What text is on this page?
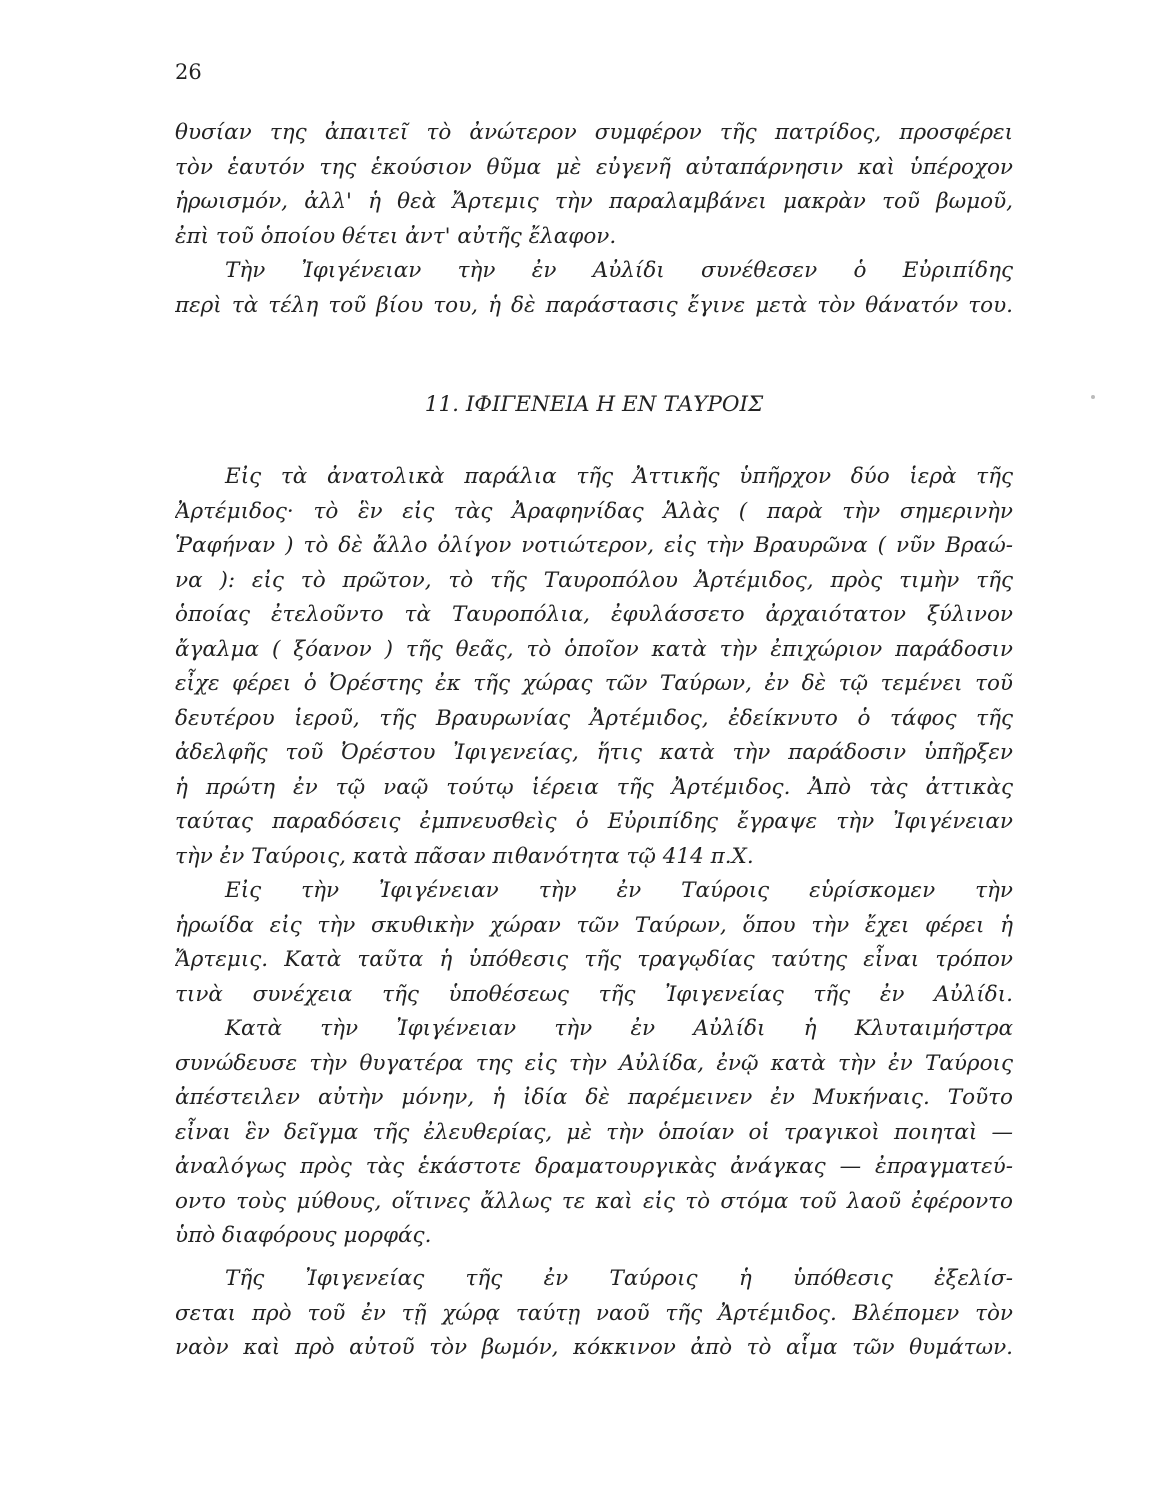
26
θυσίαν της ἀπαιτεῖ τὸ ἀνώτερον συμφέρον τῆς πατρίδος, προσφέρει
τὸν ἑαυτόν της ἑκούσιον θῦμα μὲ εὐγενῆ αὐταπάρνησιν καὶ ὑπέροχον
ἡρωισμόν, ἀλλ' ἡ θεὰ Ἄρτεμις τὴν παραλαμβάνει μακρὰν τοῦ βωμοῦ,
ἐπὶ τοῦ ὁποίου θέτει ἀντ' αὐτῆς ἔλαφον.
Τὴν Ἰφιγένειαν τὴν ἐν Αὐλίδι συνέθεσεν ὁ Εὐριπίδης
περὶ τὰ τέλη τοῦ βίου του, ἡ δὲ παράστασις ἔγινε μετὰ τὸν θάνατόν του.
11. ΙΦΙΓΕΝΕΙΑ Η ΕΝ ΤΑΥΡΟΙΣ
Εἰς τὰ ἀνατολικὰ παράλια τῆς Ἀττικῆς ὑπῆρχον δύο ἱερὰ τῆς
Ἀρτέμιδος· τὸ ἓν εἰς τὰς Ἀραφηνίδας Ἁλὰς ( παρὰ τὴν σημερινὴν
Ῥαφήναν ) τὸ δὲ ἄλλο ὀλίγον νοτιώτερον, εἰς τὴν Βραυρῶνα ( νῦν Βραώ-
να ): εἰς τὸ πρῶτον, τὸ τῆς Ταυροπόλου Ἀρτέμιδος, πρὸς τιμὴν τῆς
ὁποίας ἐτελοῦντο τὰ Ταυροπόλια, ἐφυλάσσετο ἀρχαιότατον ξύλινον
ἄγαλμα ( ξόανον ) τῆς θεᾶς, τὸ ὁποῖον κατὰ τὴν ἐπιχώριον παράδοσιν
εἶχε φέρει ὁ Ὀρέστης ἐκ τῆς χώρας τῶν Ταύρων, ἐν δὲ τῷ τεμένει τοῦ
δευτέρου ἱεροῦ, τῆς Βραυρωνίας Ἀρτέμιδος, ἐδείκνυτο ὁ τάφος τῆς
ἀδελφῆς τοῦ Ὀρέστου Ἰφιγενείας, ἥτις κατὰ τὴν παράδοσιν ὑπῆρξεν
ἡ πρώτη ἐν τῷ ναῷ τούτῳ ἱέρεια τῆς Ἀρτέμιδος. Ἀπὸ τὰς ἀττικὰς
ταύτας παραδόσεις ἐμπνευσθεὶς ὁ Εὐριπίδης ἔγραψε τὴν Ἰφιγένειαν
τὴν ἐν Ταύροις, κατὰ πᾶσαν πιθανότητα τῷ 414 π.Χ.
Εἰς τὴν Ἰφιγένειαν τὴν ἐν Ταύροις εὑρίσκομεν τὴν
ἡρωίδα εἰς τὴν σκυθικὴν χώραν τῶν Ταύρων, ὅπου τὴν ἔχει φέρει ἡ
Ἄρτεμις. Κατὰ ταῦτα ἡ ὑπόθεσις τῆς τραγῳδίας ταύτης εἶναι τρόπον
τινὰ συνέχεια τῆς ὑποθέσεως τῆς Ἰφιγενείας τῆς ἐν Αὐλίδι.
Κατὰ τὴν Ἰφιγένειαν τὴν ἐν Αὐλίδι ἡ Κλυταιμήστρα
συνώδευσε τὴν θυγατέρα της εἰς τὴν Αὐλίδα, ἐνῷ κατὰ τὴν ἐν Ταύροις
ἀπέστειλεν αὐτὴν μόνην, ἡ ἰδία δὲ παρέμεινεν ἐν Μυκήναις. Τοῦτο
εἶναι ἓν δεῖγμα τῆς ἐλευθερίας, μὲ τὴν ὁποίαν οἱ τραγικοὶ ποιηταὶ —
ἀναλόγως πρὸς τὰς ἑκάστοτε δραματουργικὰς ἀνάγκας — ἐπραγματεύ-
οντο τοὺς μύθους, οἵτινες ἄλλως τε καὶ εἰς τὸ στόμα τοῦ λαοῦ ἐφέροντο
ὑπὸ διαφόρους μορφάς.
Τῆς Ἰφιγενείας τῆς ἐν Ταύροις ἡ ὑπόθεσις ἐξελίσ-
σεται πρὸ τοῦ ἐν τῇ χώρᾳ ταύτῃ ναοῦ τῆς Ἀρτέμιδος. Βλέπομεν τὸν
ναὸν καὶ πρὸ αὐτοῦ τὸν βωμόν, κόκκινον ἀπὸ τὸ αἷμα τῶν θυμάτων.
